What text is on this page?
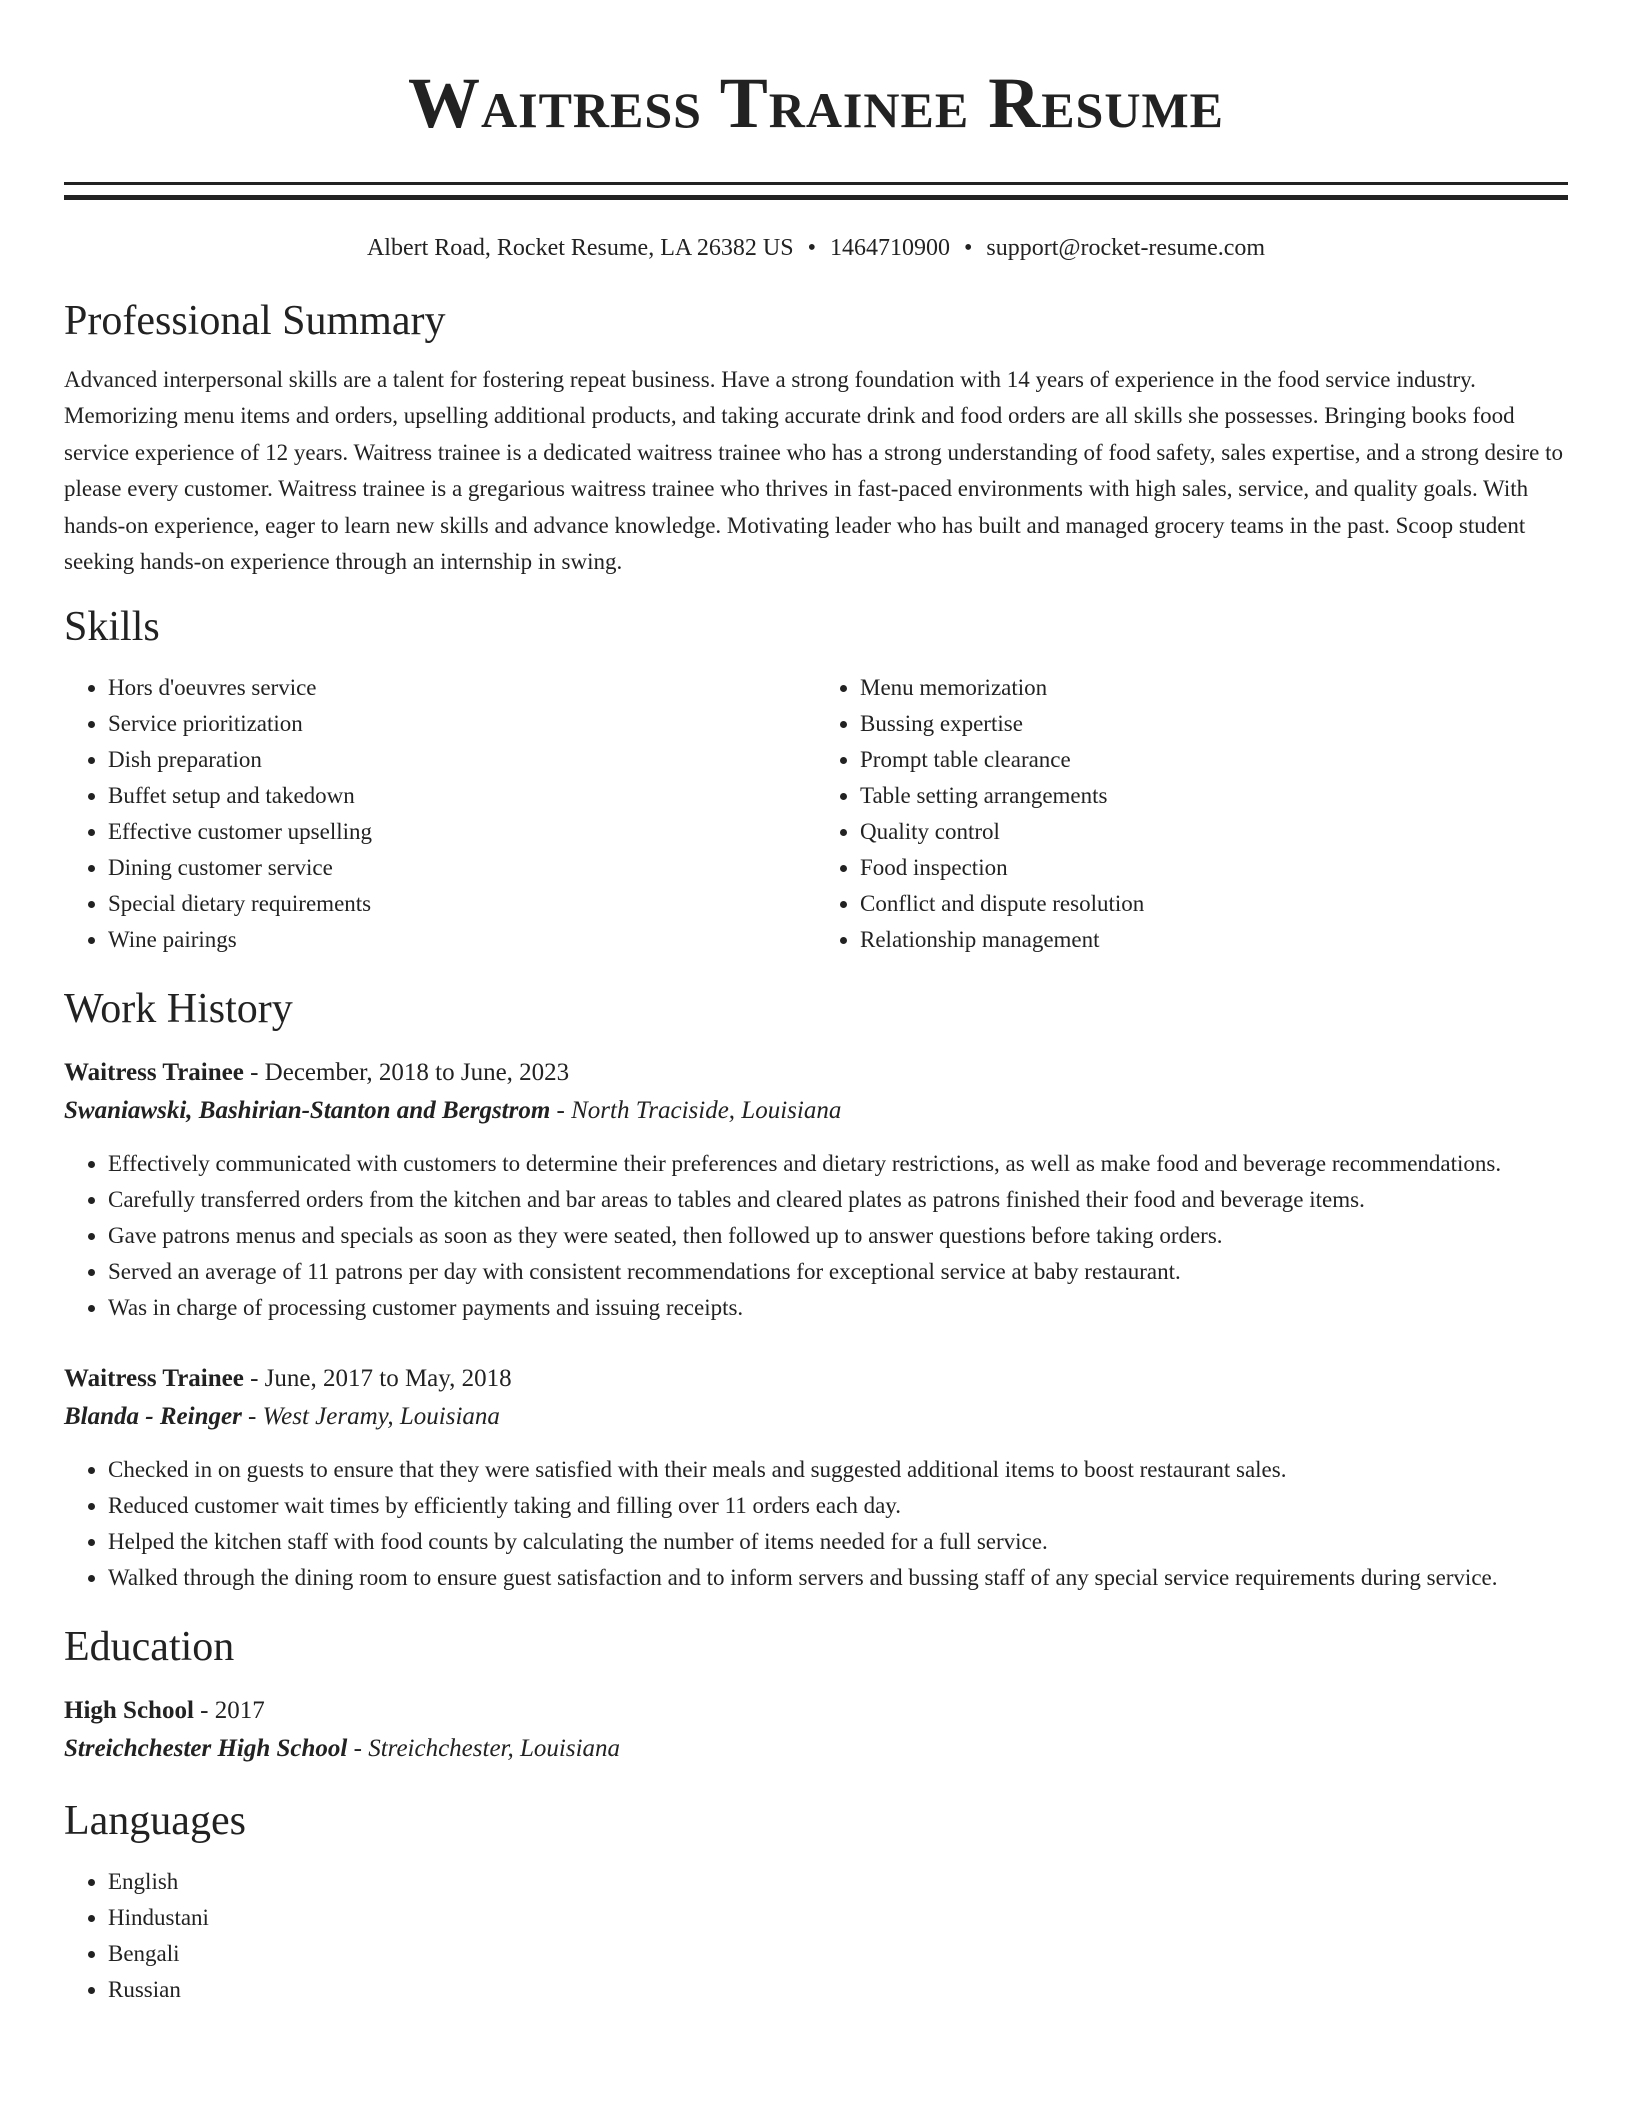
Waitress Trainee Resume
Albert Road, Rocket Resume, LA 26382 US • 1464710900 • support@rocket-resume.com
Professional Summary

Advanced interpersonal skills are a talent for fostering repeat business. Have a strong foundation with 14 years of experience in the food service industry. Memorizing menu items and orders, upselling additional products, and taking accurate drink and food orders are all skills she possesses. Bringing books food service experience of 12 years. Waitress trainee is a dedicated waitress trainee who has a strong understanding of food safety, sales expertise, and a strong desire to please every customer. Waitress trainee is a gregarious waitress trainee who thrives in fast-paced environments with high sales, service, and quality goals. With hands-on experience, eager to learn new skills and advance knowledge. Motivating leader who has built and managed grocery teams in the past. Scoop student seeking hands-on experience through an internship in swing.

Skills
• Hors d'oeuvres service
• Service prioritization
• Dish preparation
• Buffet setup and takedown
• Effective customer upselling
• Dining customer service
• Special dietary requirements
• Wine pairings
• Menu memorization
• Bussing expertise
• Prompt table clearance
• Table setting arrangements
• Quality control
• Food inspection
• Conflict and dispute resolution
• Relationship management
Work History
Waitress Trainee - December, 2018 to June, 2023
Swaniawski, Bashirian-Stanton and Bergstrom - North Traciside, Louisiana
• Effectively communicated with customers to determine their preferences and dietary restrictions, as well as make food and beverage recommendations.
• Carefully transferred orders from the kitchen and bar areas to tables and cleared plates as patrons finished their food and beverage items.
• Gave patrons menus and specials as soon as they were seated, then followed up to answer questions before taking orders.
• Served an average of 11 patrons per day with consistent recommendations for exceptional service at baby restaurant.
• Was in charge of processing customer payments and issuing receipts.
Waitress Trainee - June, 2017 to May, 2018
Blanda - Reinger - West Jeramy, Louisiana
• Checked in on guests to ensure that they were satisfied with their meals and suggested additional items to boost restaurant sales.
• Reduced customer wait times by efficiently taking and filling over 11 orders each day.
• Helped the kitchen staff with food counts by calculating the number of items needed for a full service.
• Walked through the dining room to ensure guest satisfaction and to inform servers and bussing staff of any special service requirements during service.
Education
High School - 2017
Streichchester High School - Streichchester, Louisiana
Languages
• English
• Hindustani
• Bengali
• Russian
